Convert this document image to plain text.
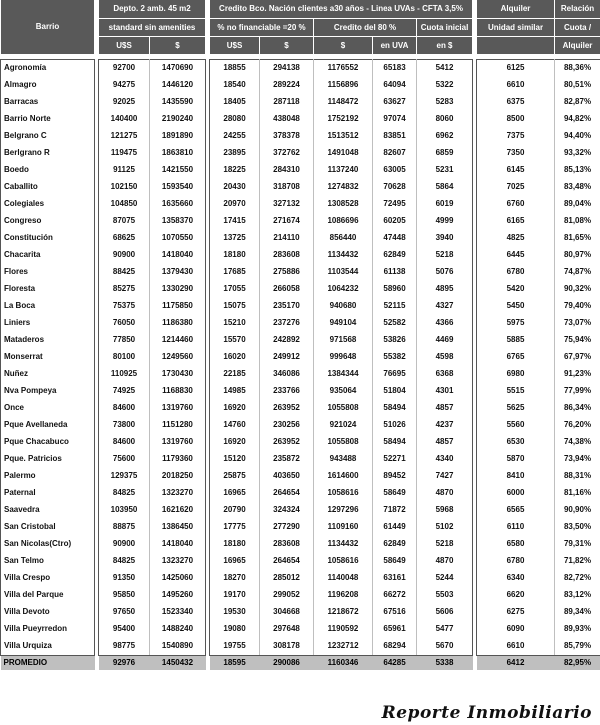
Barrio		Depto. 2 amb. 45 m2			Credito Bco. Nación clientes a30 años - Linea UVAs - CFTA 3,5%						Alquiler	Relación
		standard sin amenities			% no financiable =20 %		Credito del 80 %		Cuota inicial		Unidad similar	Cuota /
		U$S	$		U$S	$	$	en UVA	en $			Alquiler

Agronomía		92700	1470690		18855	294138	1176552	65183	5412		6125	88,36%
Almagro		94275	1446120		18540	289224	1156896	64094	5322		6610	80,51%
Barracas		92025	1435590		18405	287118	1148472	63627	5283		6375	82,87%
Barrio Norte		140400	2190240		28080	438048	1752192	97074	8060		8500	94,82%
Belgrano C		121275	1891890		24255	378378	1513512	83851	6962		7375	94,40%
Berlgrano R		119475	1863810		23895	372762	1491048	82607	6859		7350	93,32%
Boedo		91125	1421550		18225	284310	1137240	63005	5231		6145	85,13%
Caballito		102150	1593540		20430	318708	1274832	70628	5864		7025	83,48%
Colegiales		104850	1635660		20970	327132	1308528	72495	6019		6760	89,04%
Congreso		87075	1358370		17415	271674	1086696	60205	4999		6165	81,08%
Constitución		68625	1070550		13725	214110	856440	47448	3940		4825	81,65%
Chacarita		90900	1418040		18180	283608	1134432	62849	5218		6445	80,97%
Flores		88425	1379430		17685	275886	1103544	61138	5076		6780	74,87%
Floresta		85275	1330290		17055	266058	1064232	58960	4895		5420	90,32%
La Boca		75375	1175850		15075	235170	940680	52115	4327		5450	79,40%
Liniers		76050	1186380		15210	237276	949104	52582	4366		5975	73,07%
Mataderos		77850	1214460		15570	242892	971568	53826	4469		5885	75,94%
Monserrat		80100	1249560		16020	249912	999648	55382	4598		6765	67,97%
Nuñez		110925	1730430		22185	346086	1384344	76695	6368		6980	91,23%
Nva Pompeya		74925	1168830		14985	233766	935064	51804	4301		5515	77,99%
Once		84600	1319760		16920	263952	1055808	58494	4857		5625	86,34%
Pque Avellaneda		73800	1151280		14760	230256	921024	51026	4237		5560	76,20%
Pque Chacabuco		84600	1319760		16920	263952	1055808	58494	4857		6530	74,38%
Pque. Patricios		75600	1179360		15120	235872	943488	52271	4340		5870	73,94%
Palermo		129375	2018250		25875	403650	1614600	89452	7427		8410	88,31%
Paternal		84825	1323270		16965	264654	1058616	58649	4870		6000	81,16%
Saavedra		103950	1621620		20790	324324	1297296	71872	5968		6565	90,90%
San Cristobal		88875	1386450		17775	277290	1109160	61449	5102		6110	83,50%
San Nicolas(Ctro)		90900	1418040		18180	283608	1134432	62849	5218		6580	79,31%
San Telmo		84825	1323270		16965	264654	1058616	58649	4870		6780	71,82%
Villa Crespo		91350	1425060		18270	285012	1140048	63161	5244		6340	82,72%
Villa del Parque		95850	1495260		19170	299052	1196208	66272	5503		6620	83,12%
Villa Devoto		97650	1523340		19530	304668	1218672	67516	5606		6275	89,34%
Villa Pueyrredon		95400	1488240		19080	297648	1190592	65961	5477		6090	89,93%
Villa Urquiza		98775	1540890		19755	308178	1232712	68294	5670		6610	85,79%
PROMEDIO		92976	1450432		18595	290086	1160346	64285	5338		6412	82,95%
Reporte Inmobiliario
